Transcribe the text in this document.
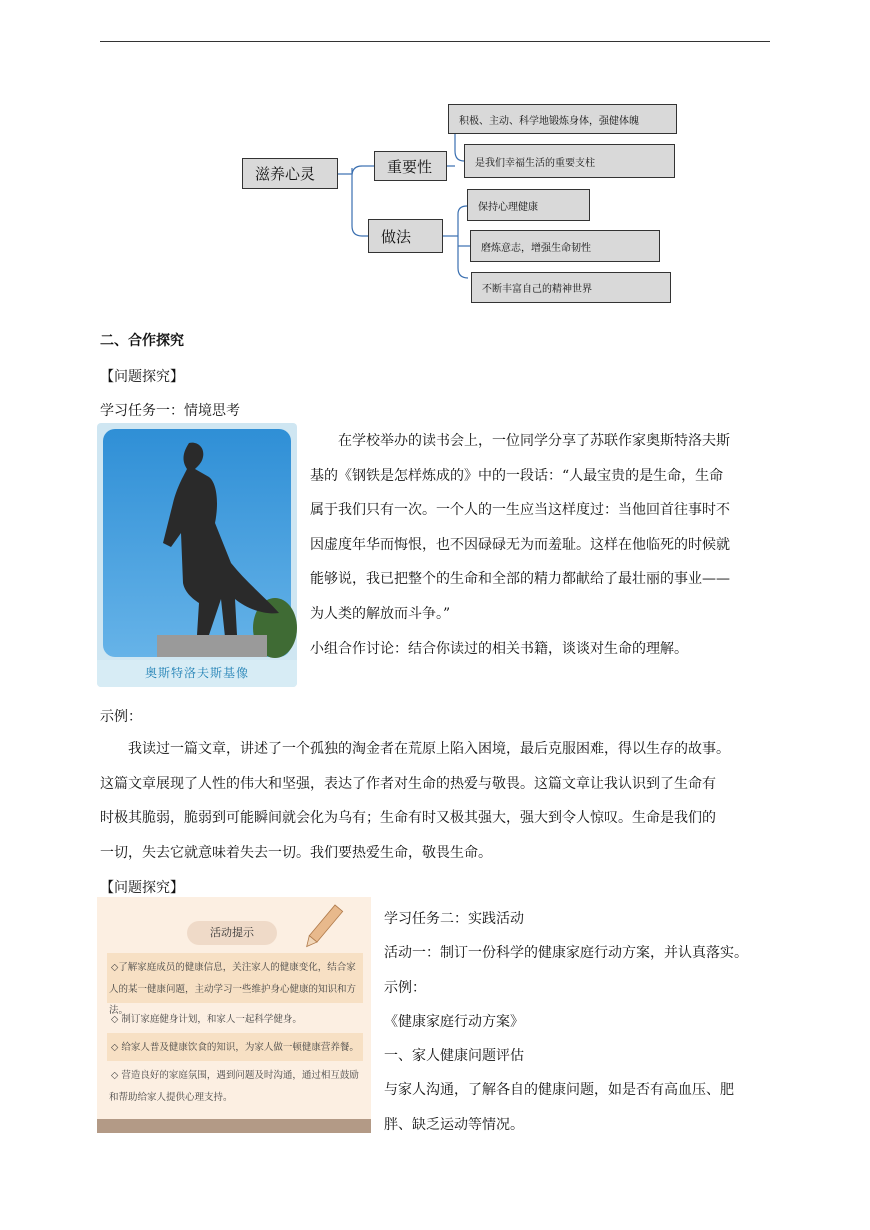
滋养心灵	重要性
积极、主动、科学地锻炼身体，强健体魄
是我们幸福生活的重要支柱
做法
保持心理健康
磨炼意志，增强生命韧性
不断丰富自己的精神世界
二、合作探究
【问题探究】
学习任务一：情境思考
奥斯特洛夫斯基像
在学校举办的读书会上，一位同学分享了苏联作家奥斯特洛夫斯
基的《钢铁是怎样炼成的》中的一段话：“人最宝贵的是生命，生命
属于我们只有一次。一个人的一生应当这样度过：当他回首往事时不
因虚度年华而悔恨，也不因碌碌无为而羞耻。这样在他临死的时候就
能够说，我已把整个的生命和全部的精力都献给了最壮丽的事业——
为人类的解放而斗争。”
小组合作讨论：结合你读过的相关书籍，谈谈对生命的理解。
示例：
我读过一篇文章，讲述了一个孤独的淘金者在荒原上陷入困境，最后克服困难，得以生存的故事。
这篇文章展现了人性的伟大和坚强，表达了作者对生命的热爱与敬畏。这篇文章让我认识到了生命有
时极其脆弱，脆弱到可能瞬间就会化为乌有；生命有时又极其强大，强大到令人惊叹。生命是我们的
一切，失去它就意味着失去一切。我们要热爱生命，敬畏生命。
【问题探究】
活动提示
◇了解家庭成员的健康信息，关注家人的健康变化，结合家
人的某一健康问题，主动学习一些维护身心健康的知识和方法。
◇ 制订家庭健身计划，和家人一起科学健身。
◇ 给家人普及健康饮食的知识，为家人做一顿健康营养餐。
◇ 营造良好的家庭氛围，遇到问题及时沟通，通过相互鼓励
和帮助给家人提供心理支持。
学习任务二：实践活动
活动一：制订一份科学的健康家庭行动方案，并认真落实。
示例：
《健康家庭行动方案》
一、家人健康问题评估
与家人沟通，了解各自的健康问题，如是否有高血压、肥
胖、缺乏运动等情况。
